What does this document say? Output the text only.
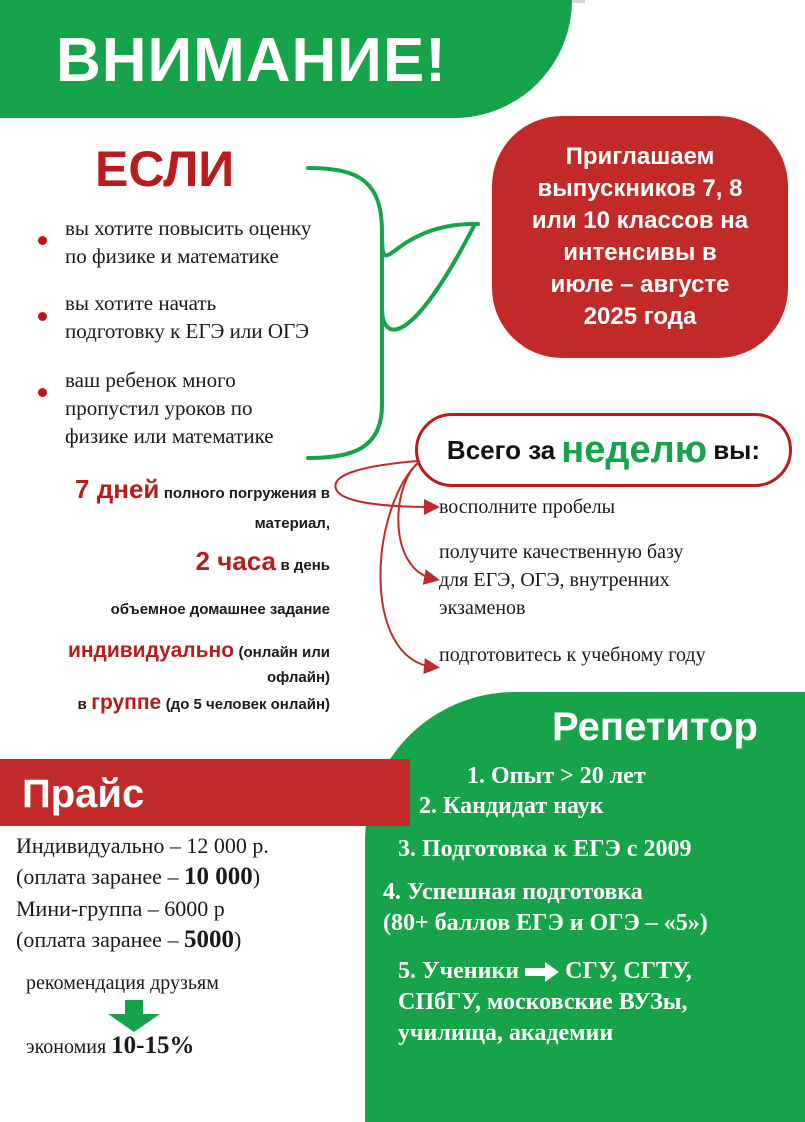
ВНИМАНИЕ!
ЕСЛИ
вы хотите повысить оценку
по физике и математике
вы хотите начать
подготовку к ЕГЭ или ОГЭ
ваш ребенок много
пропустил уроков по
физике или математике
Приглашаем
выпускников 7, 8
или 10 классов на
интенсивы в
июле – августе
2025 года
Всего за неделю вы:
восполните пробелы
получите качественную базу
для ЕГЭ, ОГЭ, внутренних
экзаменов
подготовитесь к учебному году
7 дней полного погружения в
материал,
2 часа в день
объемное домашнее задание
индивидуально (онлайн или
офлайн)
в группе (до 5 человек онлайн)
Прайс
Индивидуально – 12 000 р.
(оплата заранее – 10 000)
Мини-группа – 6000 р
(оплата заранее – 5000)
рекомендация друзьям
экономия 10-15%
Репетитор
1. Опыт > 20 лет
2. Кандидат наук
3. Подготовка к ЕГЭ с 2009
4. Успешная подготовка
(80+ баллов ЕГЭ и ОГЭ – «5»)
5. Ученики СГУ, СГТУ,
СПбГУ, московские ВУЗы,
училища, академии
